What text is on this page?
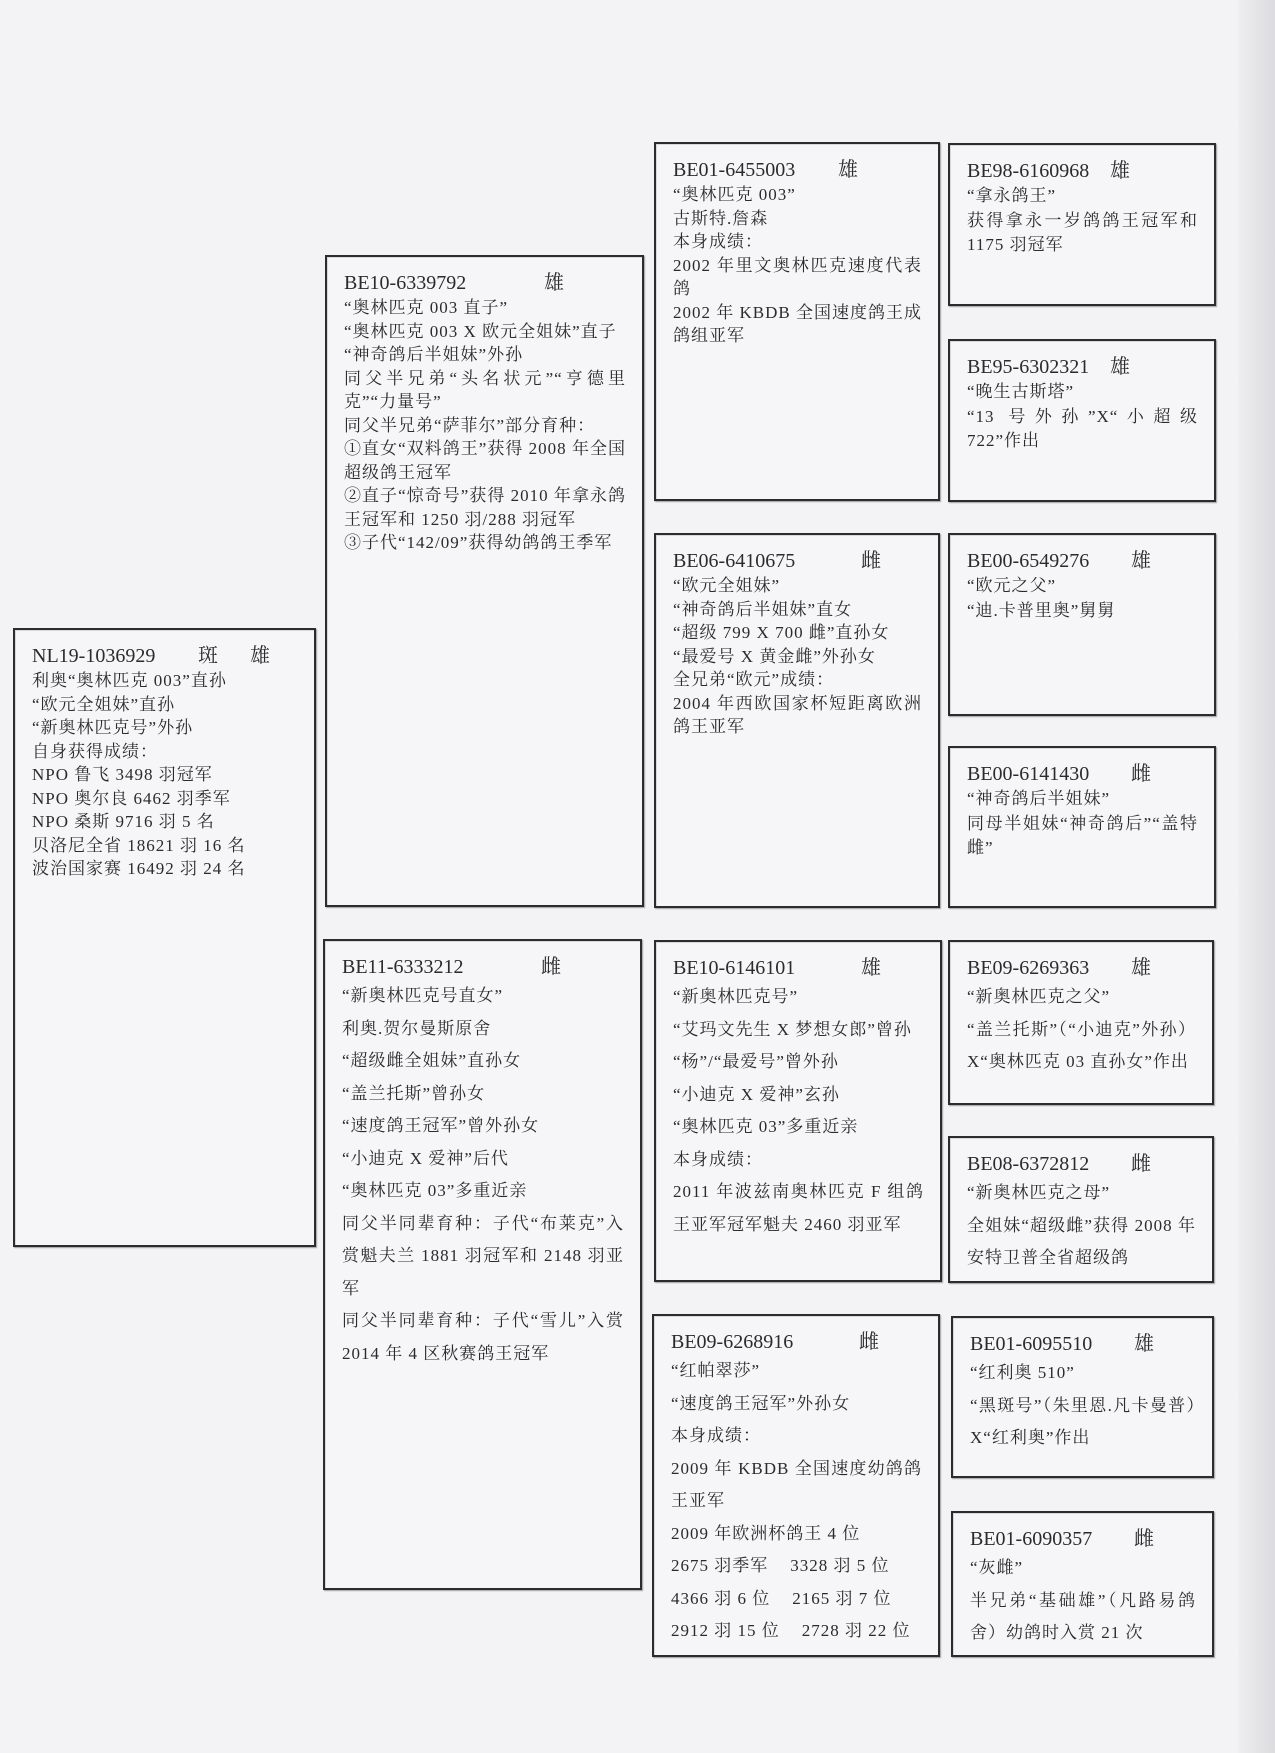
NL19-1036929 斑 雄
利奥“奥林匹克 003”直孙
“欧元全姐妹”直孙
“新奥林匹克号”外孙
自身获得成绩：
NPO 鲁飞 3498 羽冠军
NPO 奥尔良 6462 羽季军
NPO 桑斯 9716 羽 5 名
贝洛尼全省 18621 羽 16 名
波治国家赛 16492 羽 24 名
BE10-6339792	雄
“奥林匹克 003 直子”
“奥林匹克 003 X 欧元全姐妹”直子
“神奇鸽后半姐妹”外孙
同父半兄弟“头名状元”“亨德里克”“力量号”
同父半兄弟“萨菲尔”部分育种：
①直女“双料鸽王”获得 2008 年全国超级鸽王冠军
②直子“惊奇号”获得 2010 年拿永鸽王冠军和 1250 羽/288 羽冠军
③子代“142/09”获得幼鸽鸽王季军
BE11-6333212	雌
“新奥林匹克号直女”
利奥.贺尔曼斯原舍
“超级雌全姐妹”直孙女
“盖兰托斯”曾孙女
“速度鸽王冠军”曾外孙女
“小迪克 X 爱神”后代
“奥林匹克 03”多重近亲
同父半同辈育种：子代“布莱克”入赏魁夫兰 1881 羽冠军和 2148 羽亚军
同父半同辈育种：子代“雪儿”入赏 2014 年 4 区秋赛鸽王冠军
BE01-6455003 雄
“奥林匹克 003”
古斯特.詹森
本身成绩：
2002 年里文奥林匹克速度代表鸽
2002 年 KBDB 全国速度鸽王成鸽组亚军
BE06-6410675	雌
“欧元全姐妹”
“神奇鸽后半姐妹”直女
“超级 799 X 700 雌”直孙女
“最爱号 X 黄金雌”外孙女
全兄弟“欧元”成绩：
2004 年西欧国家杯短距离欧洲鸽王亚军
BE10-6146101	雄
“新奥林匹克号”
“艾玛文先生 X 梦想女郎”曾孙
“杨”/“最爱号”曾外孙
“小迪克 X 爱神”玄孙
“奥林匹克 03”多重近亲
本身成绩：
2011 年波兹南奥林匹克 F 组鸽王亚军冠军魁夫 2460 羽亚军
BE09-6268916	雌
“红帕翠莎”
“速度鸽王冠军”外孙女
本身成绩：
2009 年 KBDB 全国速度幼鸽鸽王亚军
2009 年欧洲杯鸽王 4 位
2675 羽季军 3328 羽 5 位
4366 羽 6 位 2165 羽 7 位
2912 羽 15 位 2728 羽 22 位
BE98-6160968 雄
“拿永鸽王”
获得拿永一岁鸽鸽王冠军和 1175 羽冠军
BE95-6302321 雄
“晚生古斯塔”
“13 号外孙”X“小超级 722”作出
BE00-6549276 雄
“欧元之父”
“迪.卡普里奥”舅舅
BE00-6141430 雌
“神奇鸽后半姐妹”
同母半姐妹“神奇鸽后”“盖特雌”
BE09-6269363 雄
“新奥林匹克之父”
“盖兰托斯”（“小迪克”外孙）X“奥林匹克 03 直孙女”作出
BE08-6372812 雌
“新奥林匹克之母”
全姐妹“超级雌”获得 2008 年安特卫普全省超级鸽
BE01-6095510 雄
“红利奥 510”
“黑斑号”（朱里恩.凡卡曼普）X“红利奥”作出
BE01-6090357 雌
“灰雌”
半兄弟“基础雄”（凡路易鸽舍）幼鸽时入赏 21 次
